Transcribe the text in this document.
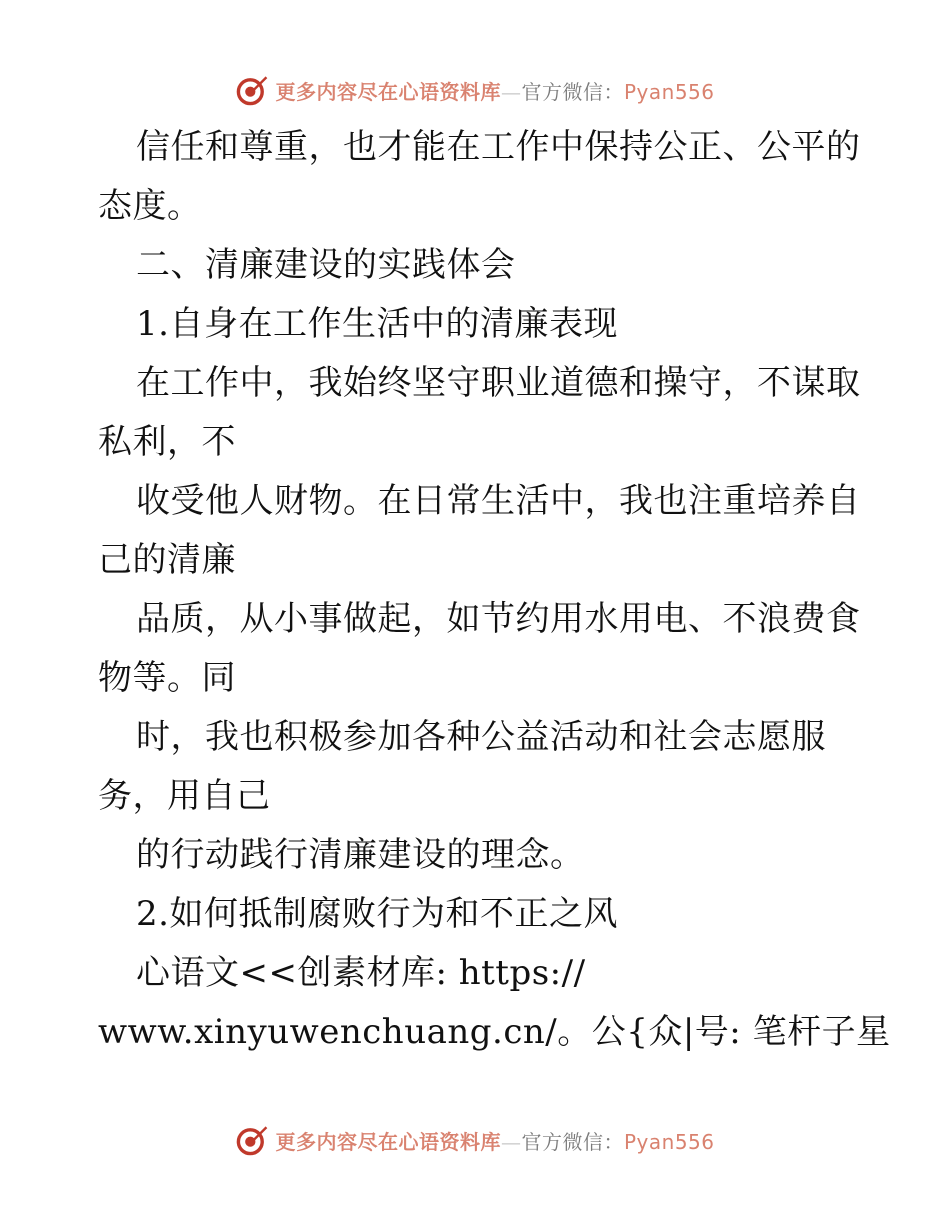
更多内容尽在心语资料库—官方微信：Pyan556
信任和尊重，也才能在工作中保持公正、公平的
态度。
二、清廉建设的实践体会
1.自身在工作生活中的清廉表现
在工作中，我始终坚守职业道德和操守，不谋取
私利，不
收受他人财物。在日常生活中，我也注重培养自
己的清廉
品质，从小事做起，如节约用水用电、不浪费食
物等。同
时，我也积极参加各种公益活动和社会志愿服
务，用自己
的行动践行清廉建设的理念。
2.如何抵制腐败行为和不正之风
心语文<<创素材库: https://
www.xinyuwenchuang.cn/。公{众|号: 笔杆子星
更多内容尽在心语资料库—官方微信：Pyan556
